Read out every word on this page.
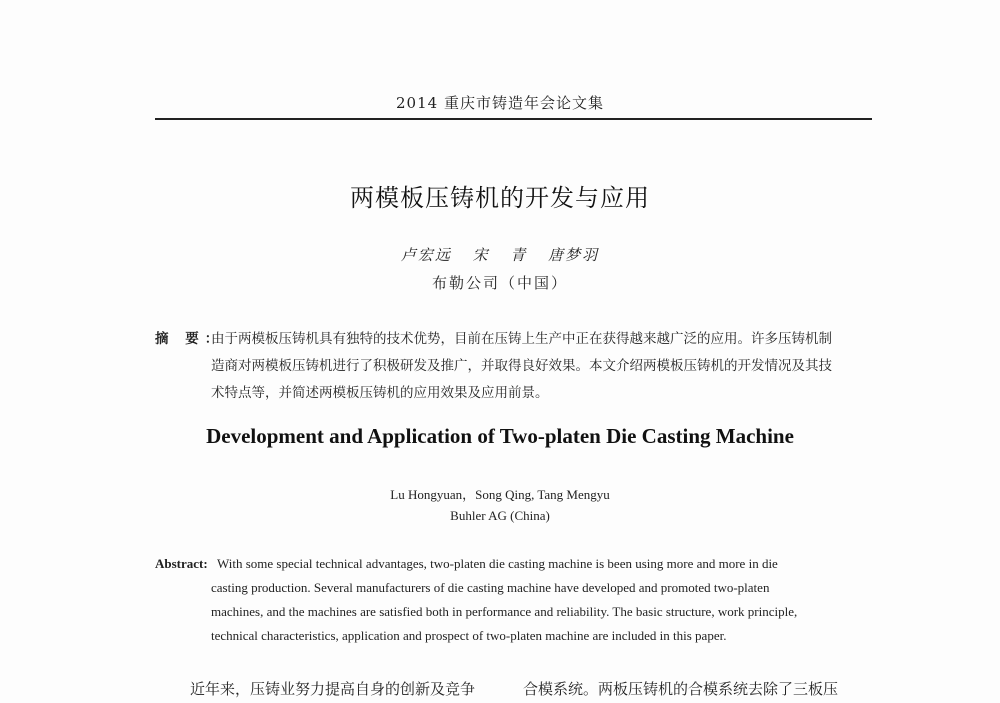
2014 重庆市铸造年会论文集
两模板压铸机的开发与应用
卢宏远 宋 青 唐梦羽
布勒公司（中国）
摘 要：
由于两模板压铸机具有独特的技术优势，目前在压铸上生产中正在获得越来越广泛的应用。许多压铸机制
造商对两模板压铸机进行了积极研发及推广，并取得良好效果。本文介绍两模板压铸机的开发情况及其技
术特点等，并简述两模板压铸机的应用效果及应用前景。
Development and Application of Two-platen Die Casting Machine
Lu Hongyuan，Song Qing, Tang Mengyu
Buhler AG (China)
Abstract: With some special technical advantages, two-platen die casting machine is been using more and more in die
casting production. Several manufacturers of die casting machine have developed and promoted two-platen
machines, and the machines are satisfied both in performance and reliability. The basic structure, work principle,
technical characteristics, application and prospect of two-platen machine are included in this paper.
近年来，压铸业努力提高自身的创新及竞争	合模系统。两板压铸机的合模系统去除了三板压
